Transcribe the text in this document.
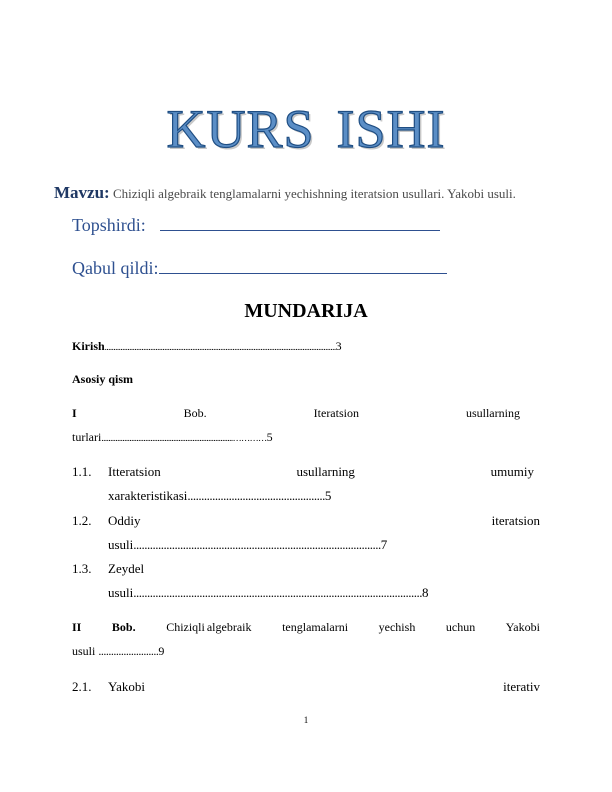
KURS ISHI
Mavzu: Chiziqli algebraik tenglamalarni yechishning iteratsion usullari. Yakobi usuli.
Topshirdi:
Qabul qildi:
MUNDARIJA
Kirish....................................................................................................................................3
Asosiy qism
I	Bob.	Iteratsion	usullarning
turlari...........................................................................…………5
1.1. Itteratsion	usullarning	umumiy
xarakteristikasi..................................................5
1.2. Oddiy	iteratsion
usuli..........................................................................................7
1.3. Zeydel
usuli.........................................................................................................8
II	Bob.	Chiziqli algebraik	tenglamalarni	yechish	uchun	Yakobi
usuli ........................9
2.1. Yakobi	iterativ
1
